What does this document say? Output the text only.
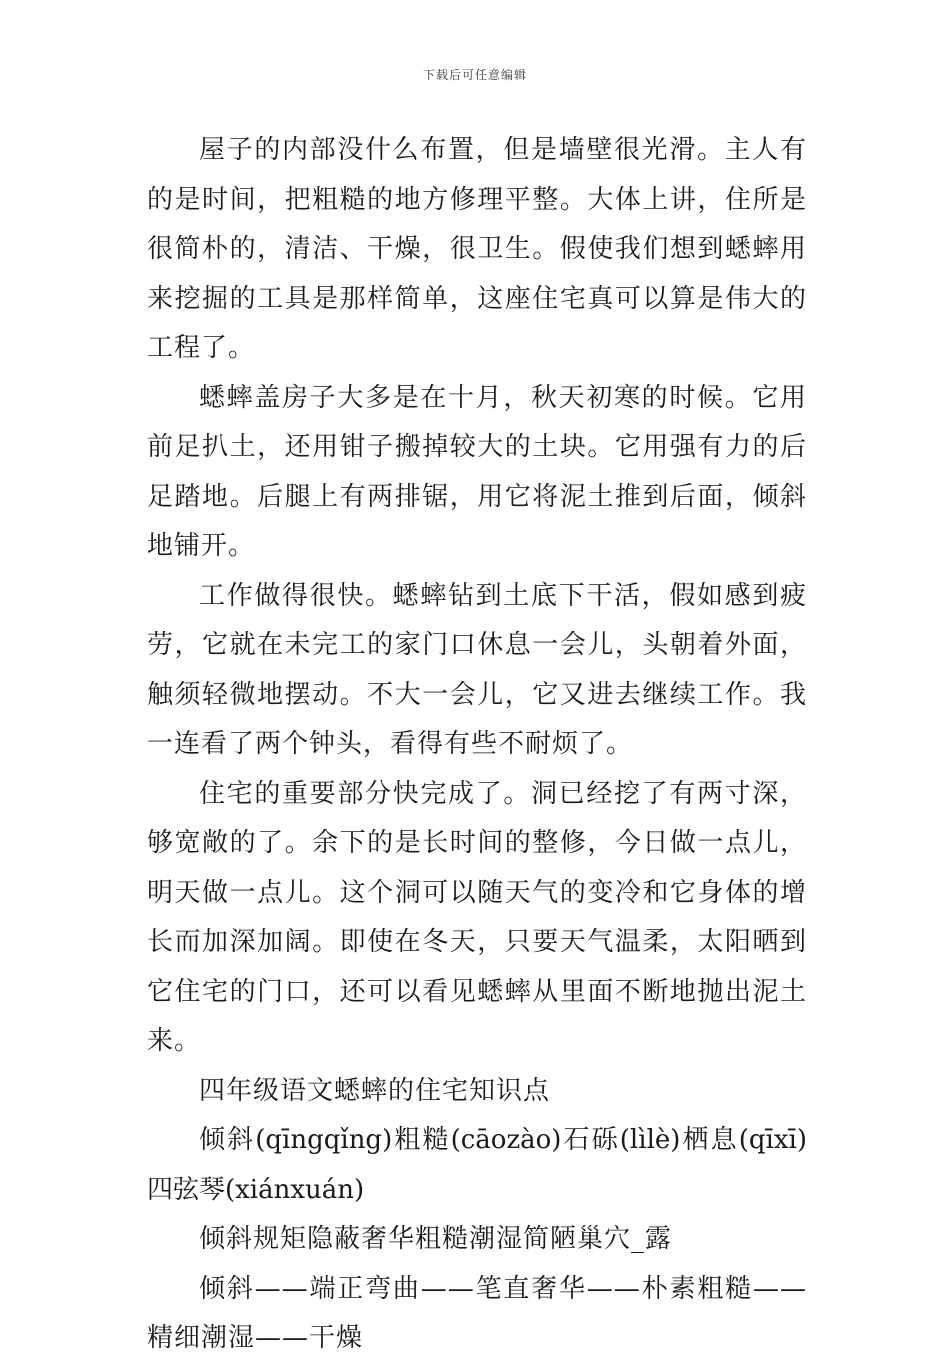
下载后可任意编辑

屋子的内部没什么布置，但是墙壁很光滑。主人有的是时间，把粗糙的地方修理平整。大体上讲，住所是很简朴的，清洁、干燥，很卫生。假使我们想到蟋蟀用来挖掘的工具是那样简单，这座住宅真可以算是伟大的工程了。

蟋蟀盖房子大多是在十月，秋天初寒的时候。它用前足扒土，还用钳子搬掉较大的土块。它用强有力的后足踏地。后腿上有两排锯，用它将泥土推到后面，倾斜地铺开。

工作做得很快。蟋蟀钻到土底下干活，假如感到疲劳，它就在未完工的家门口休息一会儿，头朝着外面，触须轻微地摆动。不大一会儿，它又进去继续工作。我一连看了两个钟头，看得有些不耐烦了。

住宅的重要部分快完成了。洞已经挖了有两寸深，够宽敞的了。余下的是长时间的整修，今日做一点儿，明天做一点儿。这个洞可以随天气的变冷和它身体的增长而加深加阔。即使在冬天，只要天气温柔，太阳晒到它住宅的门口，还可以看见蟋蟀从里面不断地抛出泥土来。

四年级语文蟋蟀的住宅知识点

倾斜(qīngqǐng)粗糙(cāozào)石砾(lìlè)栖息(qīxī)四弦琴(xiánxuán)

倾斜规矩隐蔽奢华粗糙潮湿简陋巢穴_露

倾斜——端正弯曲——笔直奢华——朴素粗糙——精细潮湿——干燥
